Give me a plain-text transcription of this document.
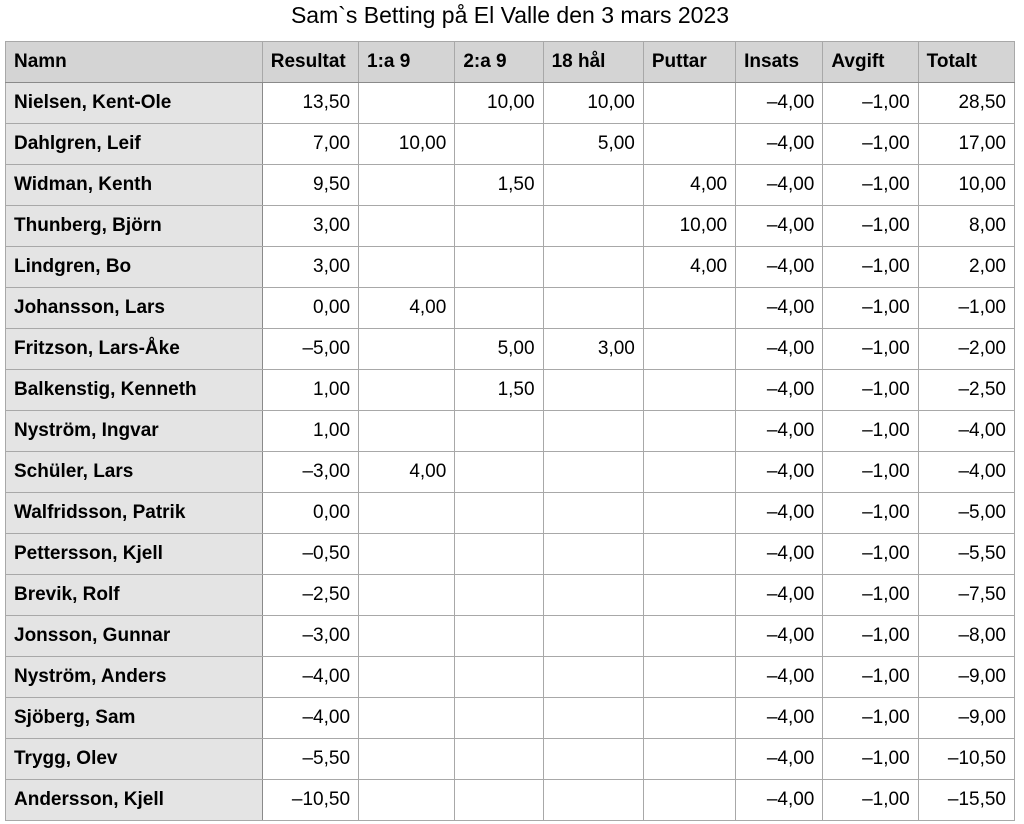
Sam`s Betting på El Valle den 3 mars 2023
Namn	Resultat	1:a 9	2:a 9	18 hål	Puttar	Insats	Avgift	Totalt
Nielsen, Kent-Ole	13,50		10,00	10,00		–4,00	–1,00	28,50
Dahlgren, Leif	7,00	10,00		5,00		–4,00	–1,00	17,00
Widman, Kenth	9,50		1,50		4,00	–4,00	–1,00	10,00
Thunberg, Björn	3,00				10,00	–4,00	–1,00	8,00
Lindgren, Bo	3,00				4,00	–4,00	–1,00	2,00
Johansson, Lars	0,00	4,00				–4,00	–1,00	–1,00
Fritzson, Lars-Åke	–5,00		5,00	3,00		–4,00	–1,00	–2,00
Balkenstig, Kenneth	1,00		1,50			–4,00	–1,00	–2,50
Nyström, Ingvar	1,00					–4,00	–1,00	–4,00
Schüler, Lars	–3,00	4,00				–4,00	–1,00	–4,00
Walfridsson, Patrik	0,00					–4,00	–1,00	–5,00
Pettersson, Kjell	–0,50					–4,00	–1,00	–5,50
Brevik, Rolf	–2,50					–4,00	–1,00	–7,50
Jonsson, Gunnar	–3,00					–4,00	–1,00	–8,00
Nyström, Anders	–4,00					–4,00	–1,00	–9,00
Sjöberg, Sam	–4,00					–4,00	–1,00	–9,00
Trygg, Olev	–5,50					–4,00	–1,00	–10,50
Andersson, Kjell	–10,50					–4,00	–1,00	–15,50
